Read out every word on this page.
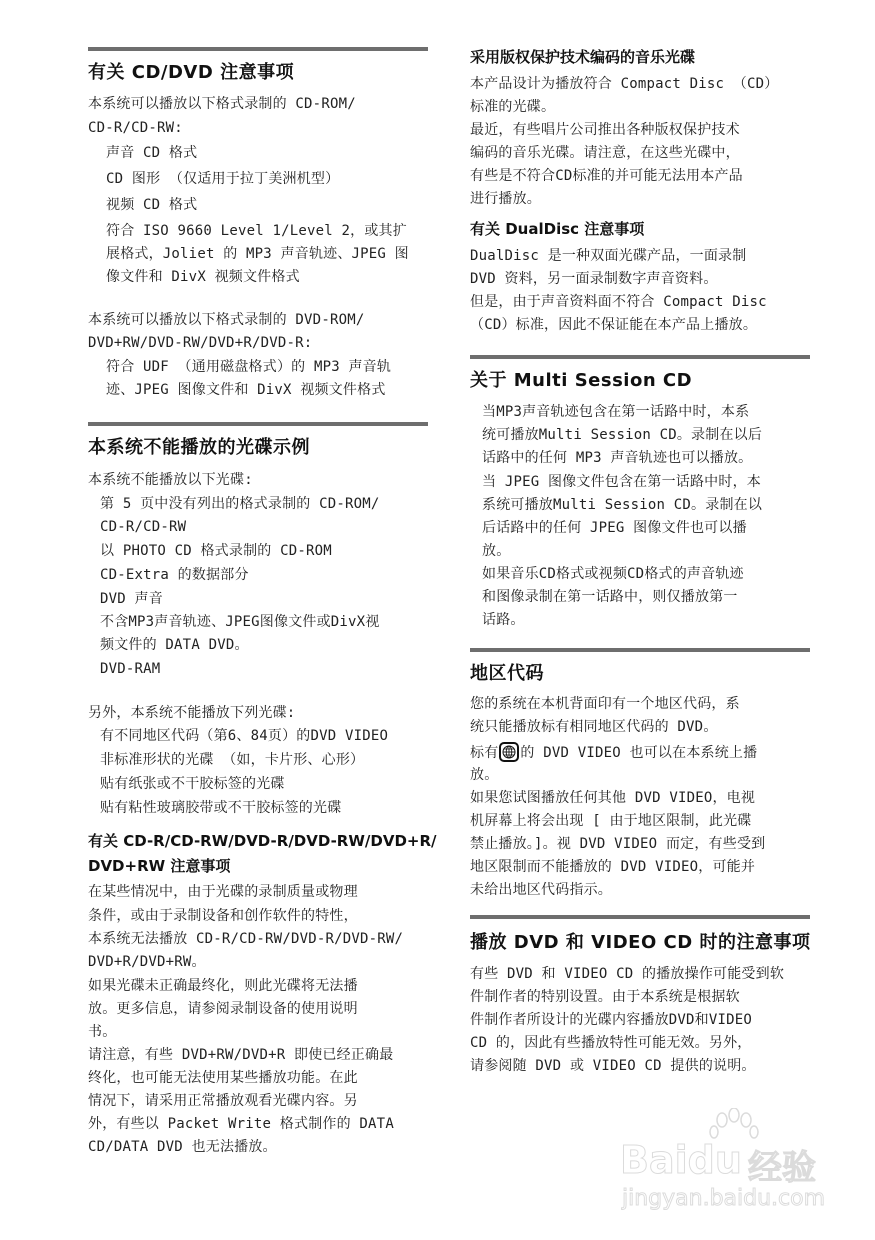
有关 CD/DVD 注意事项
本系统可以播放以下格式录制的 CD-ROM/
CD-R/CD-RW:
声音 CD 格式
CD 图形 （仅适用于拉丁美洲机型）
视频 CD 格式
符合 ISO 9660 Level 1/Level 2，或其扩
展格式，Joliet 的 MP3 声音轨迹、JPEG 图
像文件和 DivX 视频文件格式
本系统可以播放以下格式录制的 DVD-ROM/
DVD+RW/DVD-RW/DVD+R/DVD-R:
符合 UDF （通用磁盘格式）的 MP3 声音轨
迹、JPEG 图像文件和 DivX 视频文件格式
本系统不能播放的光碟示例
本系统不能播放以下光碟:
第 5 页中没有列出的格式录制的 CD-ROM/
CD-R/CD-RW
以 PHOTO CD 格式录制的 CD-ROM
CD-Extra 的数据部分
DVD 声音
不含MP3声音轨迹、JPEG图像文件或DivX视
频文件的 DATA DVD。
DVD-RAM
另外，本系统不能播放下列光碟:
有不同地区代码（第6、84页）的DVD VIDEO
非标准形状的光碟 （如，卡片形、心形）
贴有纸张或不干胶标签的光碟
贴有粘性玻璃胶带或不干胶标签的光碟
有关 CD-R/CD-RW/DVD-R/DVD-RW/DVD+R/
DVD+RW 注意事项
在某些情况中，由于光碟的录制质量或物理
条件，或由于录制设备和创作软件的特性，
本系统无法播放 CD-R/CD-RW/DVD-R/DVD-RW/
DVD+R/DVD+RW。
如果光碟未正确最终化，则此光碟将无法播
放。更多信息，请参阅录制设备的使用说明
书。
请注意，有些 DVD+RW/DVD+R 即使已经正确最
终化，也可能无法使用某些播放功能。在此
情况下，请采用正常播放观看光碟内容。另
外，有些以 Packet Write 格式制作的 DATA
CD/DATA DVD 也无法播放。
采用版权保护技术编码的音乐光碟
本产品设计为播放符合 Compact Disc （CD）
标准的光碟。
最近，有些唱片公司推出各种版权保护技术
编码的音乐光碟。请注意，在这些光碟中，
有些是不符合CD标准的并可能无法用本产品
进行播放。
有关 DualDisc 注意事项
DualDisc 是一种双面光碟产品，一面录制
DVD 资料，另一面录制数字声音资料。
但是，由于声音资料面不符合 Compact Disc
（CD）标准，因此不保证能在本产品上播放。
关于 Multi Session CD
当MP3声音轨迹包含在第一话路中时，本系
统可播放Multi Session CD。录制在以后
话路中的任何 MP3 声音轨迹也可以播放。
当 JPEG 图像文件包含在第一话路中时，本
系统可播放Multi Session CD。录制在以
后话路中的任何 JPEG 图像文件也可以播
放。
如果音乐CD格式或视频CD格式的声音轨迹
和图像录制在第一话路中，则仅播放第一
话路。
地区代码
您的系统在本机背面印有一个地区代码，系
统只能播放标有相同地区代码的 DVD。
标有 的 DVD VIDEO 也可以在本系统上播
放。
如果您试图播放任何其他 DVD VIDEO，电视
机屏幕上将会出现 [ 由于地区限制，此光碟
禁止播放。]。视 DVD VIDEO 而定，有些受到
地区限制而不能播放的 DVD VIDEO，可能并
未给出地区代码指示。
播放 DVD 和 VIDEO CD 时的注意事项
有些 DVD 和 VIDEO CD 的播放操作可能受到软
件制作者的特别设置。由于本系统是根据软
件制作者所设计的光碟内容播放DVD和VIDEO
CD 的，因此有些播放特性可能无效。另外，
请参阅随 DVD 或 VIDEO CD 提供的说明。
Baidu 经验
jingyan.baidu.com
